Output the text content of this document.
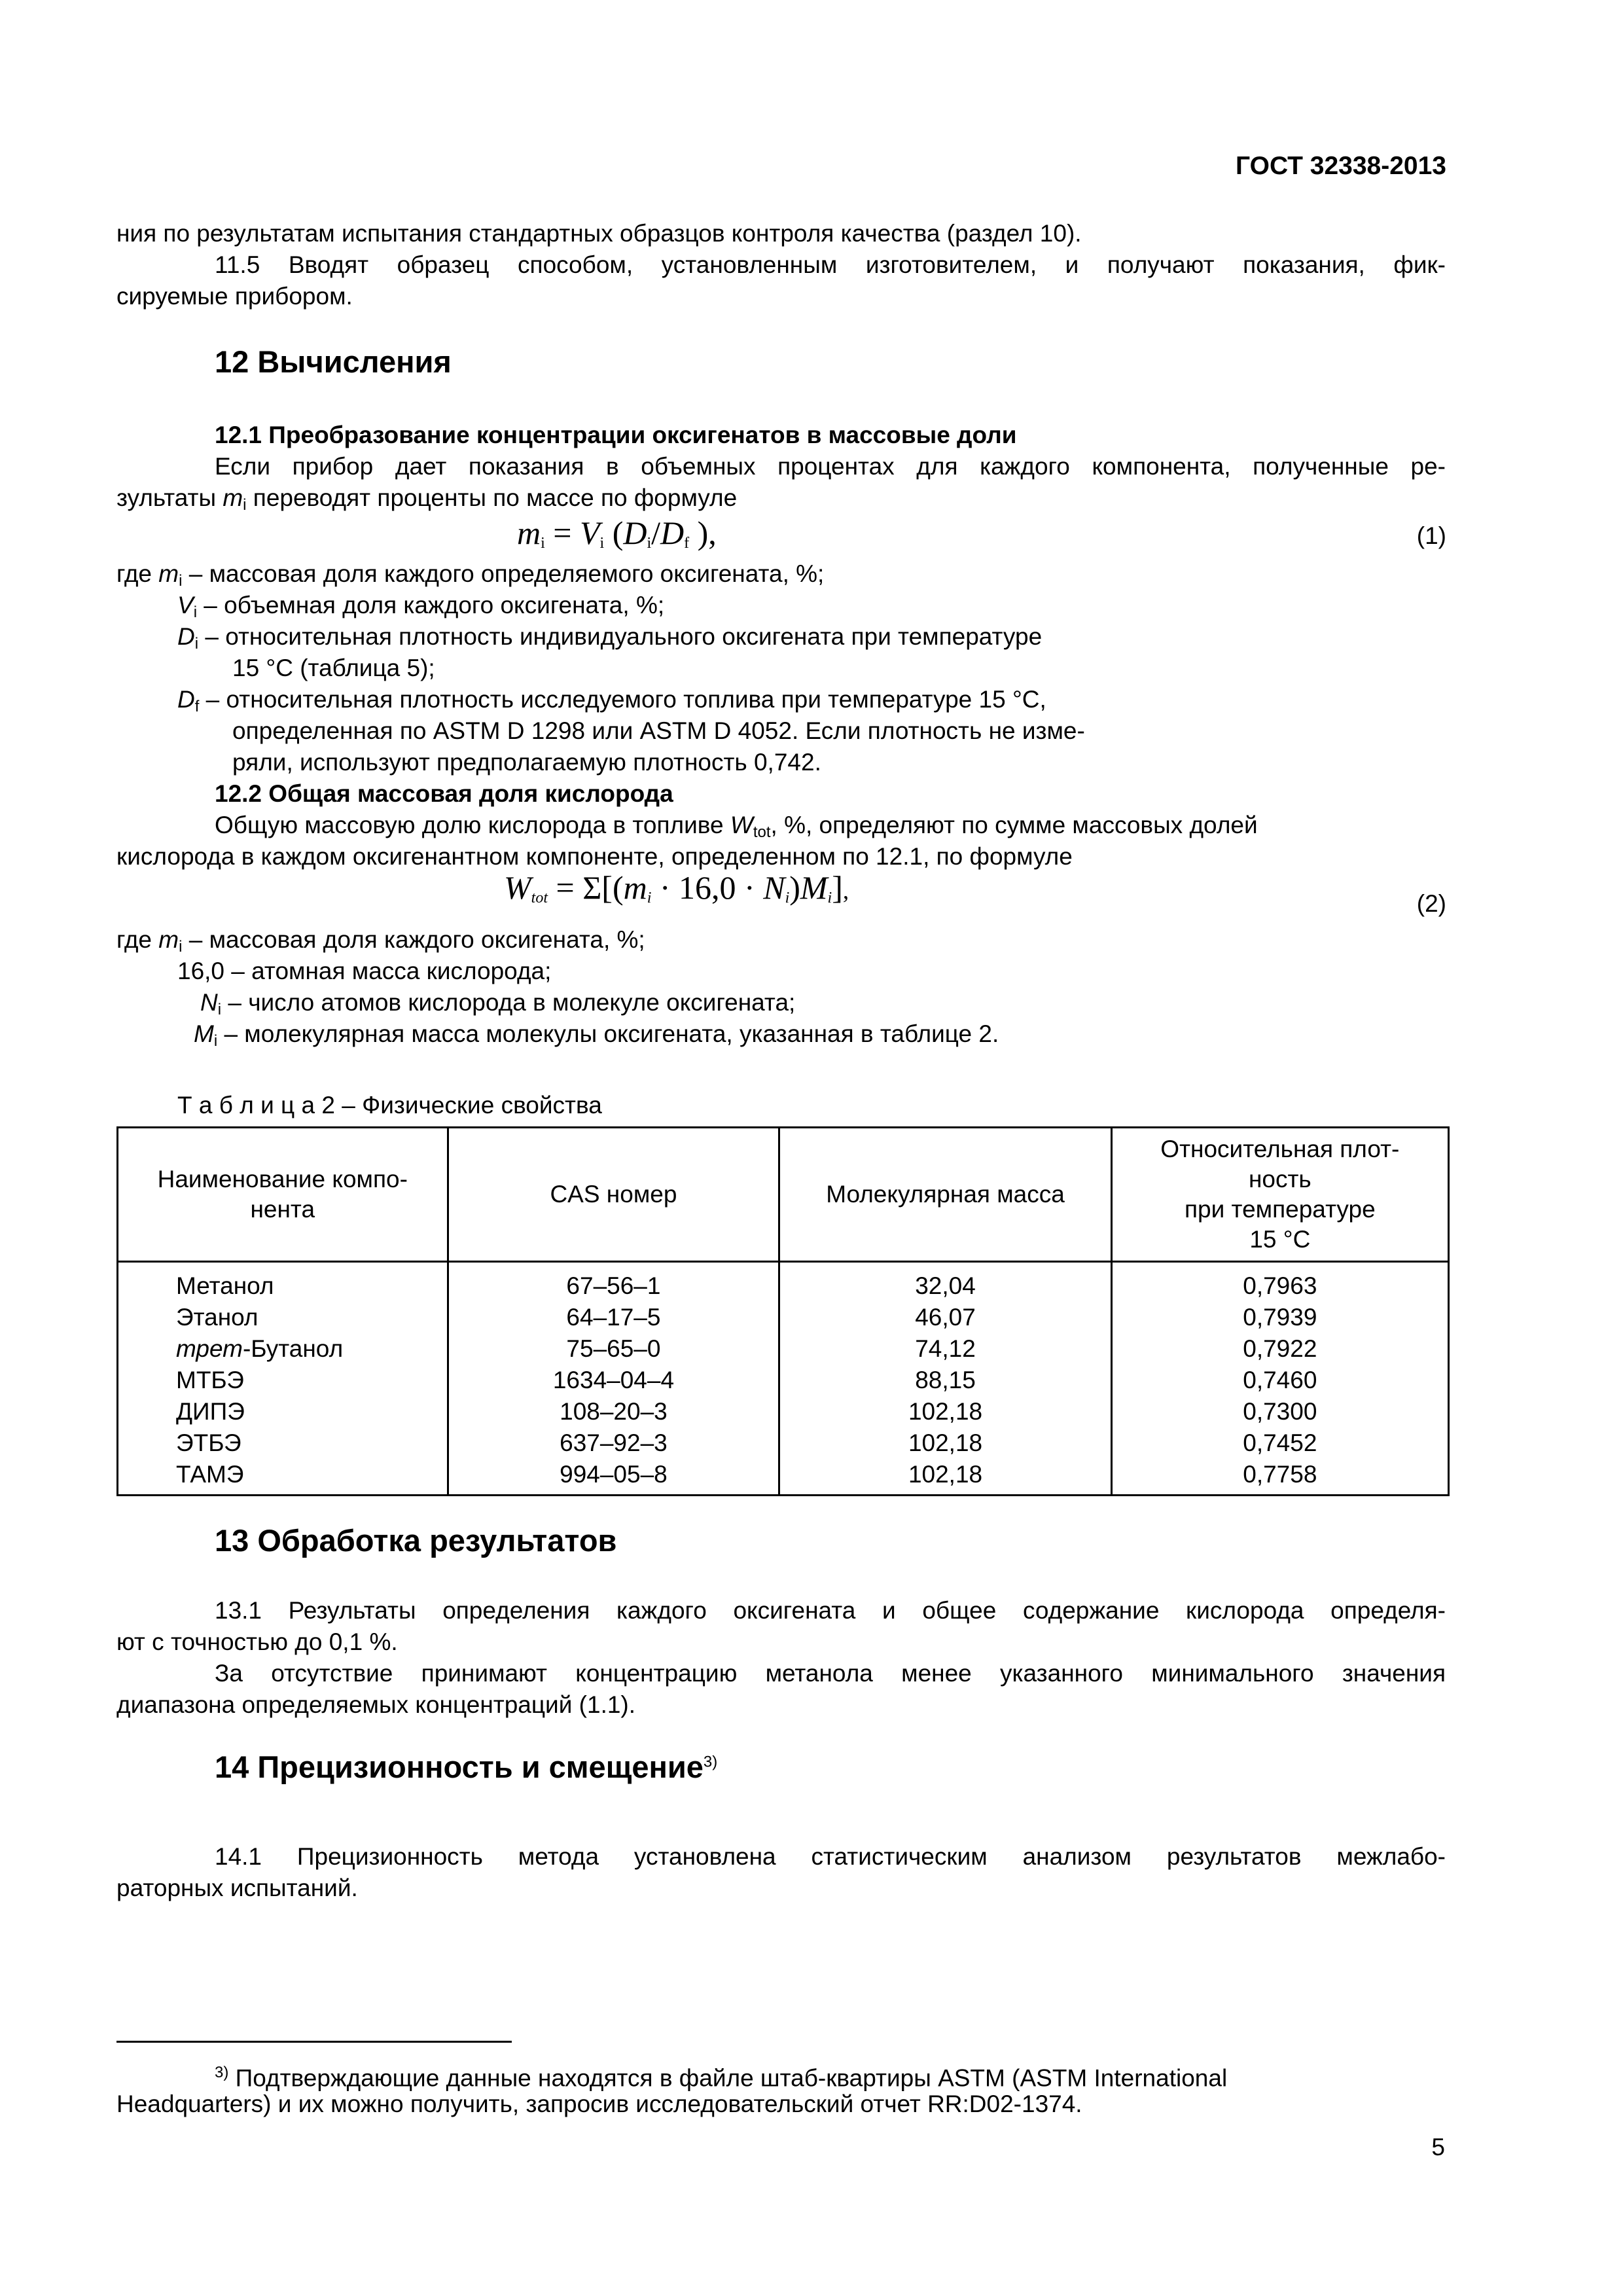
ГОСТ 32338-2013
ния по результатам испытания стандартных образцов контроля качества (раздел 10).
11.5 Вводят образец способом, установленным изготовителем, и получают показания, фик-
сируемые прибором.
12 Вычисления
12.1 Преобразование концентрации оксигенатов в массовые доли
Если прибор дает показания в объемных процентах для каждого компонента, полученные ре-
зультаты $m_i$ переводят проценты по массе по формуле
$m_i = V_i$ ($D_i/D_f$ ),	(1)
где $m_i$ – массовая доля каждого определяемого оксигената, %;
$V_i$ – объемная доля каждого оксигената, %;
$D_i$ – относительная плотность индивидуального оксигената при температуре
15 °С (таблица 5);
$D_f$ – относительная плотность исследуемого топлива при температуре 15 °С,
определенная по ASTM D 1298 или ASTM D 4052. Если плотность не изме-
ряли, используют предполагаемую плотность 0,742.
12.2 Общая массовая доля кислорода
Общую массовую долю кислорода в топливе $W_{tot}$, %, определяют по сумме массовых долей
кислорода в каждом оксигенантном компоненте, определенном по 12.1, по формуле
$W_{tot} = \Sigma[(m_i \cdot 16,0 \cdot N_i)M_i]$,	(2)
где $m_i$ – массовая доля каждого оксигената, %;
16,0 – атомная масса кислорода;
$N_i$ – число атомов кислорода в молекуле оксигената;
$M_i$ – молекулярная масса молекулы оксигената, указанная в таблице 2.
Т а б л и ц а 2 – Физические свойства
Наименование компо-
нента	CAS номер	Молекулярная масса	Относительная плот-
ность
при температуре
15 °С
Метанол	67–56–1	32,04	0,7963
Этанол	64–17–5	46,07	0,7939
трет-Бутанол	75–65–0	74,12	0,7922
МТБЭ	1634–04–4	88,15	0,7460
ДИПЭ	108–20–3	102,18	0,7300
ЭТБЭ	637–92–3	102,18	0,7452
ТАМЭ	994–05–8	102,18	0,7758
13 Обработка результатов
13.1 Результаты определения каждого оксигената и общее содержание кислорода определя-
ют с точностью до 0,1 %.
За отсутствие принимают концентрацию метанола менее указанного минимального значения
диапазона определяемых концентраций (1.1).
14 Прецизионность и смещение$^{3)}$
14.1 Прецизионность метода установлена статистическим анализом результатов межлабо-
раторных испытаний.
$^{3)}$ Подтверждающие данные находятся в файле штаб-квартиры ASTM (ASTM International
Headquarters) и их можно получить, запросив исследовательский отчет RR:D02-1374.
5
